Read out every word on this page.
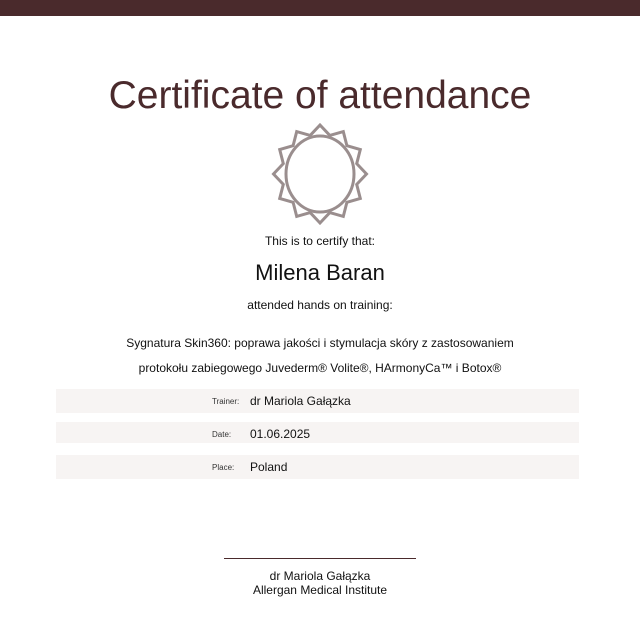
Certificate of attendance
This is to certify that:
Milena Baran
attended hands on training:
Sygnatura Skin360: poprawa jakości i stymulacja skóry z zastosowaniem
protokołu zabiegowego Juvederm® Volite®, HArmonyCa™ i Botox®
Trainer: dr Mariola Gałązka
Date: 01.06.2025
Place: Poland
dr Mariola Gałązka
Allergan Medical Institute
